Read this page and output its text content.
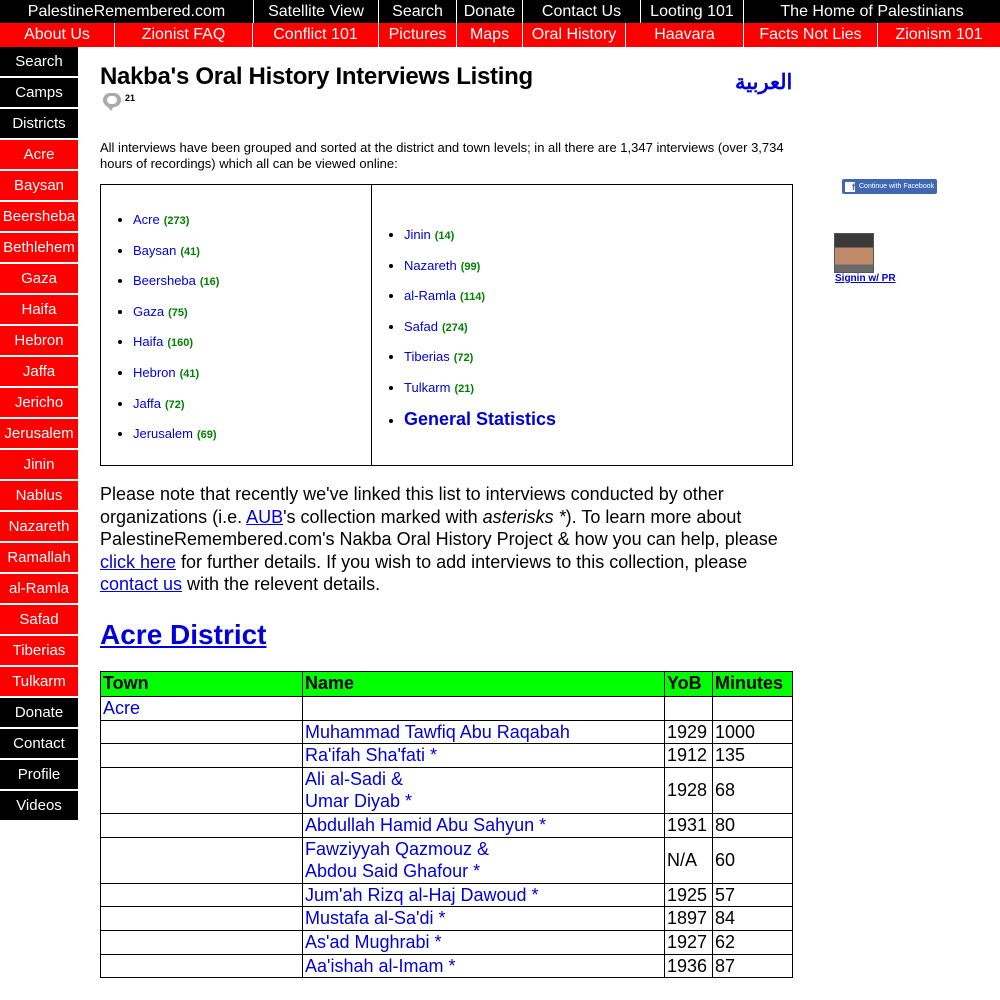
PalestineRemembered.com	Satellite View	Search	Donate	Contact Us	Looting 101	The Home of Palestinians
About Us	Zionist FAQ	Conflict 101	Pictures	Maps	Oral History	Haavara	Facts Not Lies	Zionism 101
Search
Camps
Districts
Acre
Baysan
Beersheba
Bethlehem
Gaza
Haifa
Hebron
Jaffa
Jericho
Jerusalem
Jinin
Nablus
Nazareth
Ramallah
al-Ramla
Safad
Tiberias
Tulkarm
Donate
Contact
Profile
Videos
العربية
Nakba's Oral History Interviews Listing
21
All interviews have been grouped and sorted at the district and town levels; in all there are 1,347 interviews (over 3,734 hours of recordings) which all can be viewed online:
• Acre (273)
• Baysan (41)
• Beersheba (16)
• Gaza (75)
• Haifa (160)
• Hebron (41)
• Jaffa (72)
• Jerusalem (69)
• Jinin (14)
• Nazareth (99)
• al-Ramla (114)
• Safad (274)
• Tiberias (72)
• Tulkarm (21)
• General Statistics
Please note that recently we've linked this list to interviews conducted by other organizations (i.e. AUB's collection marked with asterisks *). To learn more about PalestineRemembered.com's Nakba Oral History Project & how you can help, please click here for further details. If you wish to add interviews to this collection, please contact us with the relevent details.
Acre District
Town	Name	YoB	Minutes
Acre			
	Muhammad Tawfiq Abu Raqabah	1929	1000
	Ra'ifah Sha'fati *	1912	135
	Ali al-Sadi &
Umar Diyab *	1928	68
	Abdullah Hamid Abu Sahyun *	1931	80
	Fawziyyah Qazmouz &
Abdou Said Ghafour *	N/A	60
	Jum'ah Rizq al-Haj Dawoud *	1925	57
	Mustafa al-Sa'di *	1897	84
	As'ad Mughrabi *	1927	62
	Aa'ishah al-Imam *	1936	87
f Continue with Facebook
Signin w/ PR
